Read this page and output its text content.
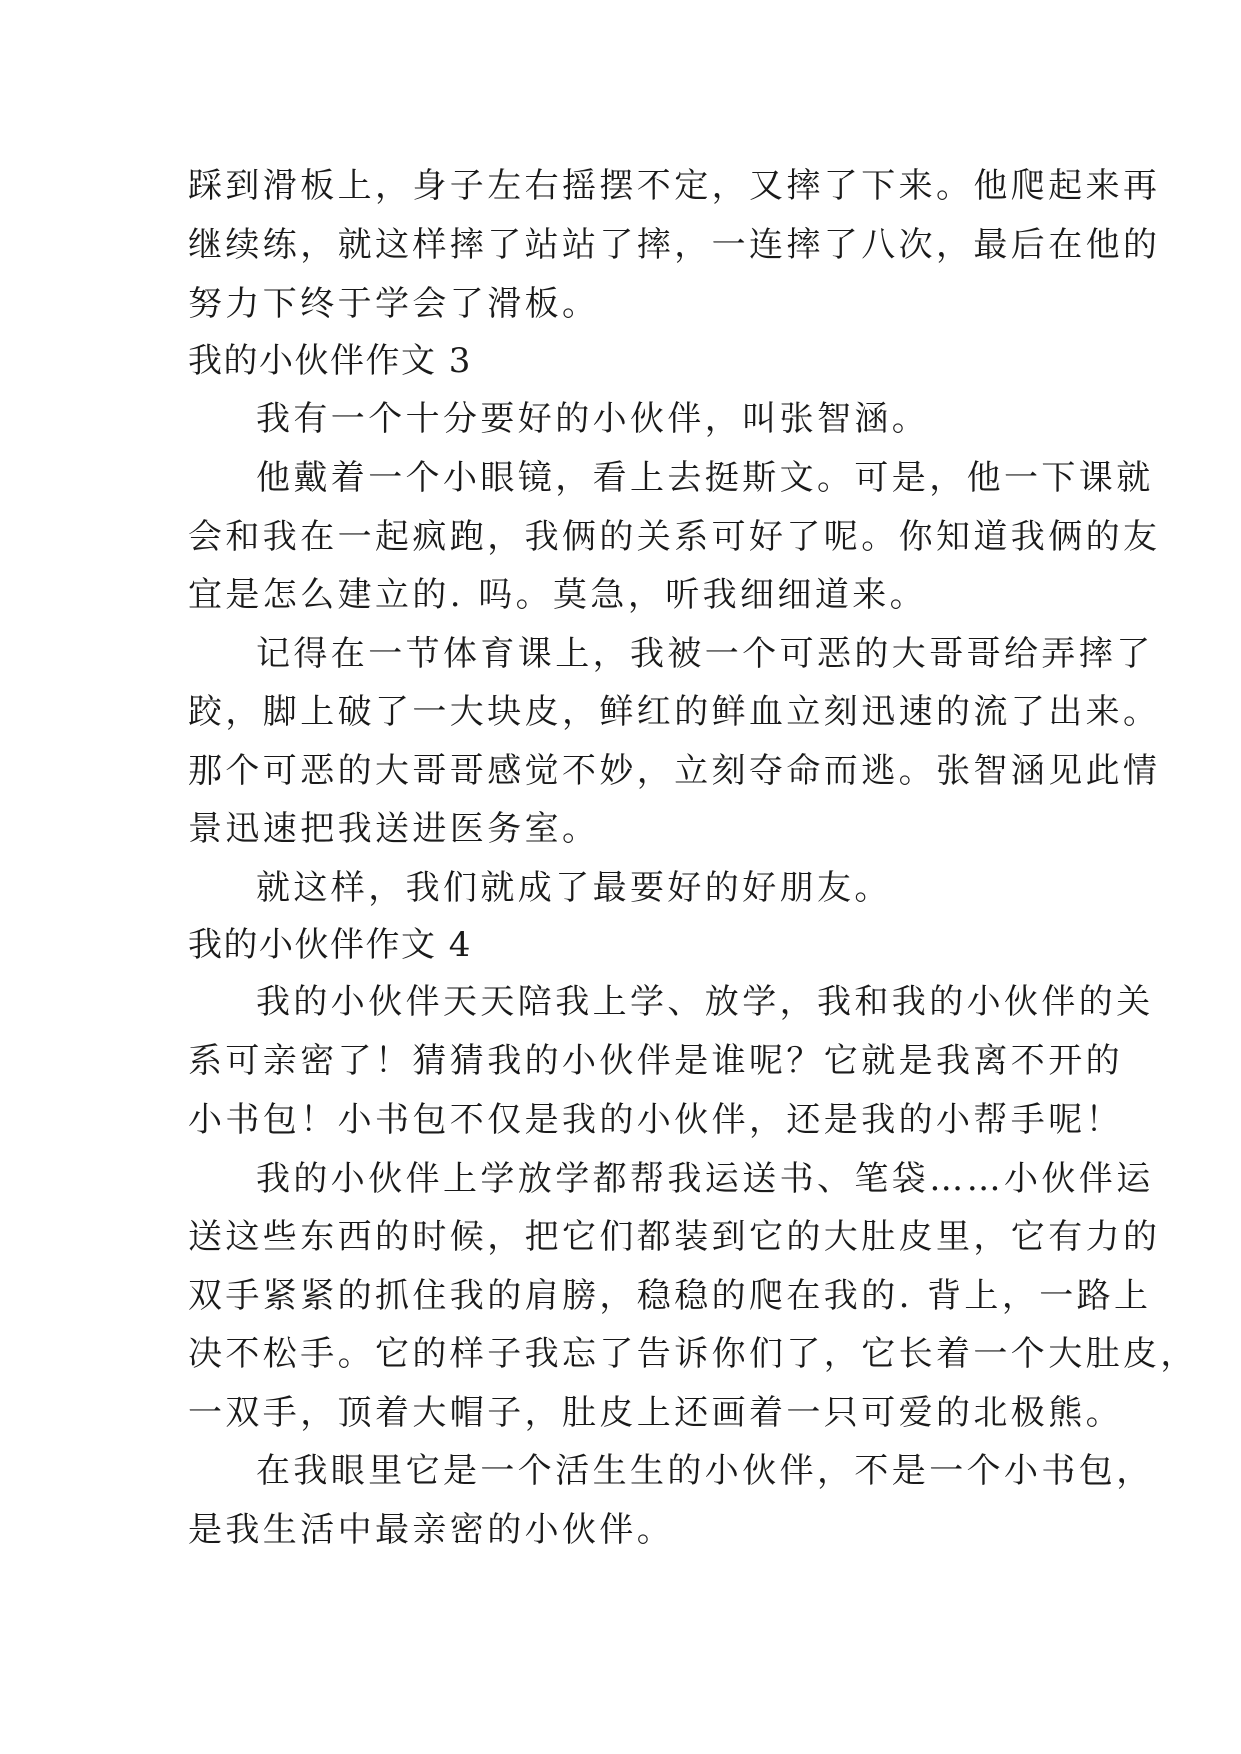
踩到滑板上，身子左右摇摆不定，又摔了下来。他爬起来再
继续练，就这样摔了站站了摔，一连摔了八次，最后在他的
努力下终于学会了滑板。
我的小伙伴作文 3
我有一个十分要好的小伙伴，叫张智涵。
他戴着一个小眼镜，看上去挺斯文。可是，他一下课就
会和我在一起疯跑，我俩的关系可好了呢。你知道我俩的友
宜是怎么建立的. 吗。莫急，听我细细道来。
记得在一节体育课上，我被一个可恶的大哥哥给弄摔了
跤，脚上破了一大块皮，鲜红的鲜血立刻迅速的流了出来。
那个可恶的大哥哥感觉不妙，立刻夺命而逃。张智涵见此情
景迅速把我送进医务室。
就这样，我们就成了最要好的好朋友。
我的小伙伴作文 4
我的小伙伴天天陪我上学、放学，我和我的小伙伴的关
系可亲密了！猜猜我的小伙伴是谁呢？它就是我离不开的
小书包！小书包不仅是我的小伙伴，还是我的小帮手呢！
我的小伙伴上学放学都帮我运送书、笔袋……小伙伴运
送这些东西的时候，把它们都装到它的大肚皮里，它有力的
双手紧紧的抓住我的肩膀，稳稳的爬在我的. 背上，一路上
决不松手。它的样子我忘了告诉你们了，它长着一个大肚皮，
一双手，顶着大帽子，肚皮上还画着一只可爱的北极熊。
在我眼里它是一个活生生的小伙伴，不是一个小书包，
是我生活中最亲密的小伙伴。
